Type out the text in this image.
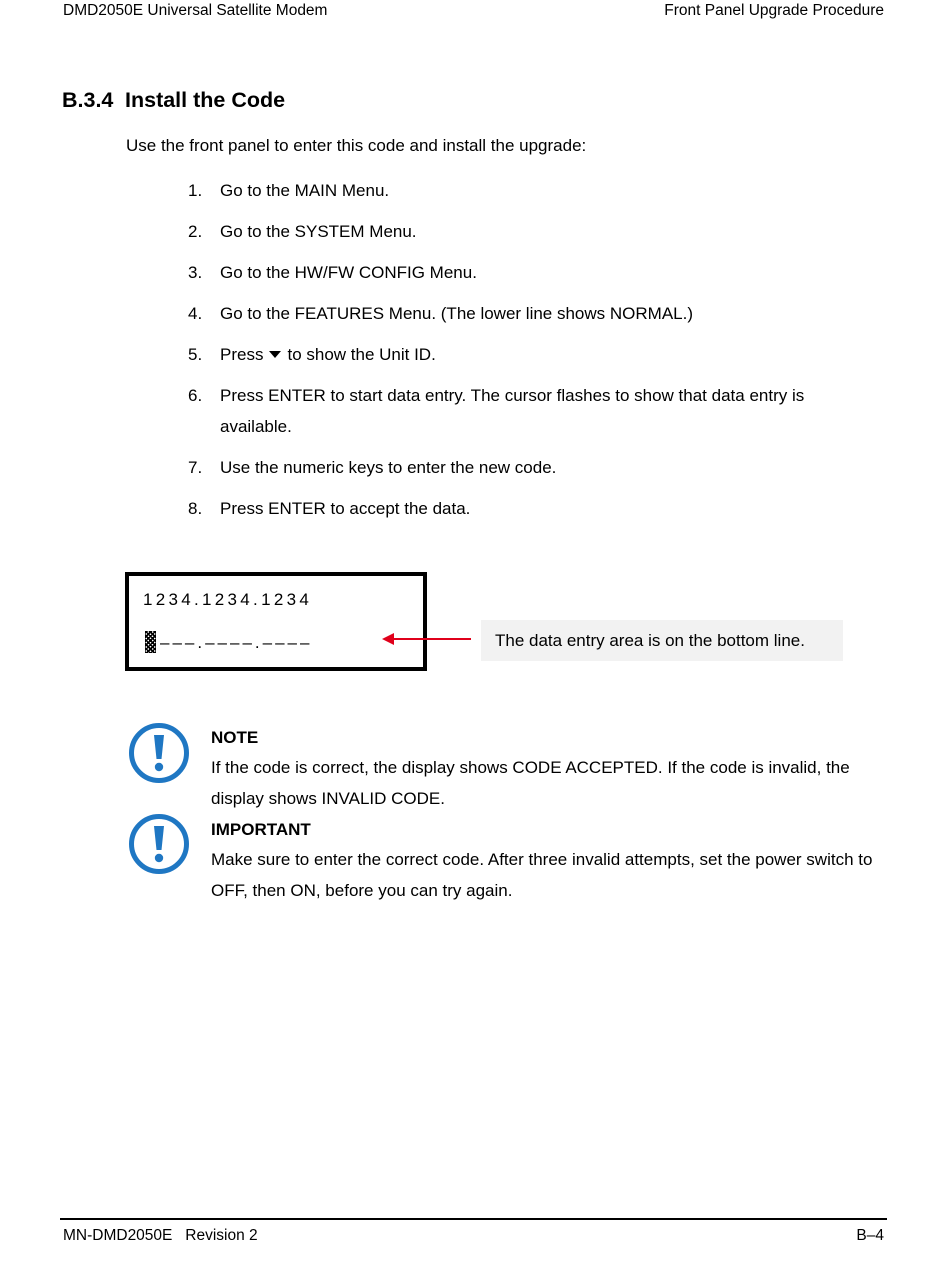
DMD2050E Universal Satellite Modem	Front Panel Upgrade Procedure
B.3.4 Install the Code
Use the front panel to enter this code and install the upgrade:
1. Go to the MAIN Menu.
2. Go to the SYSTEM Menu.
3. Go to the HW/FW CONFIG Menu.
4. Go to the FEATURES Menu. (The lower line shows NORMAL.)
5. Press to show the Unit ID.
6. Press ENTER to start data entry. The cursor flashes to show that data entry is available.
7. Use the numeric keys to enter the new code.
8. Press ENTER to accept the data.
1234.1234.1234
–––.––––.––––	The data entry area is on the bottom line.
NOTE
If the code is correct, the display shows CODE ACCEPTED. If the code is invalid, the display shows INVALID CODE.
IMPORTANT
Make sure to enter the correct code. After three invalid attempts, set the power switch to OFF, then ON, before you can try again.
MN-DMD2050E   Revision 2	B–4
